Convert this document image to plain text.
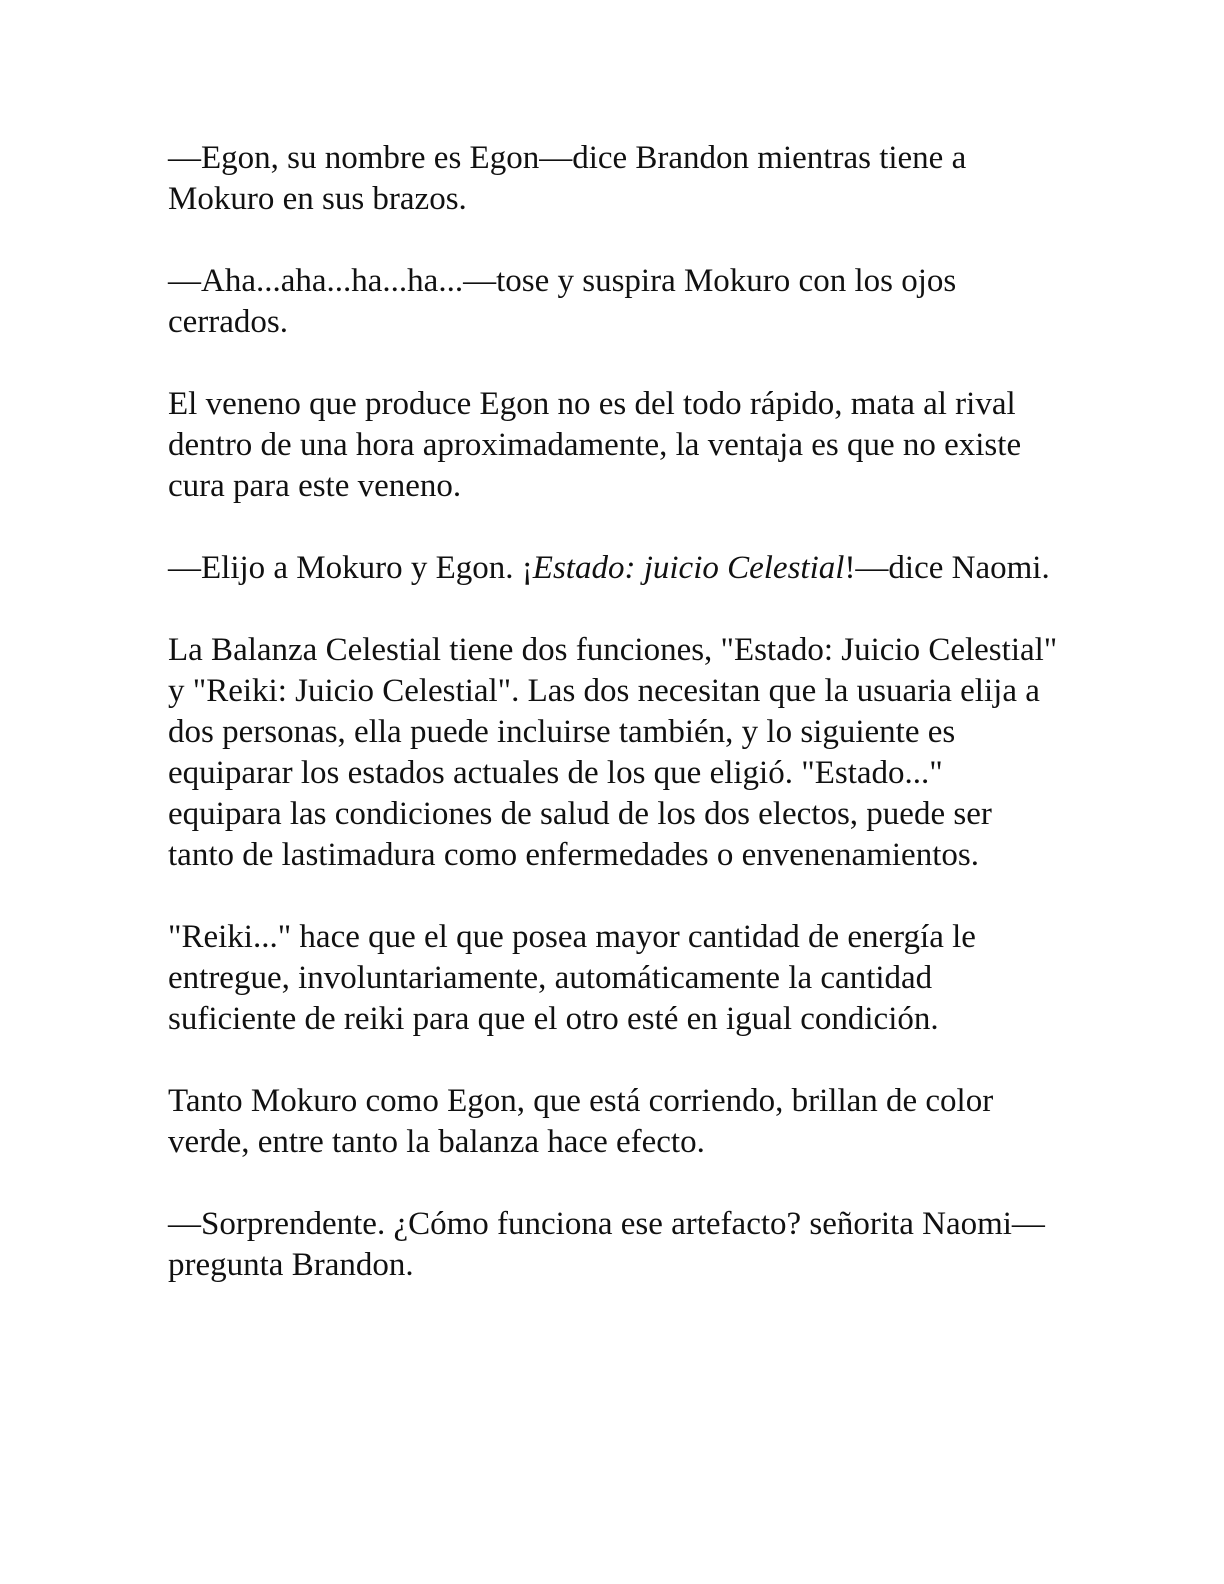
—Egon, su nombre es Egon—dice Brandon mientras tiene a Mokuro en sus brazos.

—Aha...aha...ha...ha...—tose y suspira Mokuro con los ojos cerrados.

El veneno que produce Egon no es del todo rápido, mata al rival dentro de una hora aproximadamente, la ventaja es que no existe cura para este veneno.

—Elijo a Mokuro y Egon. ¡Estado: juicio Celestial!—dice Naomi.

La Balanza Celestial tiene dos funciones, "Estado: Juicio Celestial" y "Reiki: Juicio Celestial". Las dos necesitan que la usuaria elija a dos personas, ella puede incluirse también, y lo siguiente es equiparar los estados actuales de los que eligió. "Estado..." equipara las condiciones de salud de los dos electos, puede ser tanto de lastimadura como enfermedades o envenenamientos.

"Reiki..." hace que el que posea mayor cantidad de energía le entregue, involuntariamente, automáticamente la cantidad suficiente de reiki para que el otro esté en igual condición.

Tanto Mokuro como Egon, que está corriendo, brillan de color verde, entre tanto la balanza hace efecto.

—Sorprendente. ¿Cómo funciona ese artefacto? señorita Naomi—pregunta Brandon.
